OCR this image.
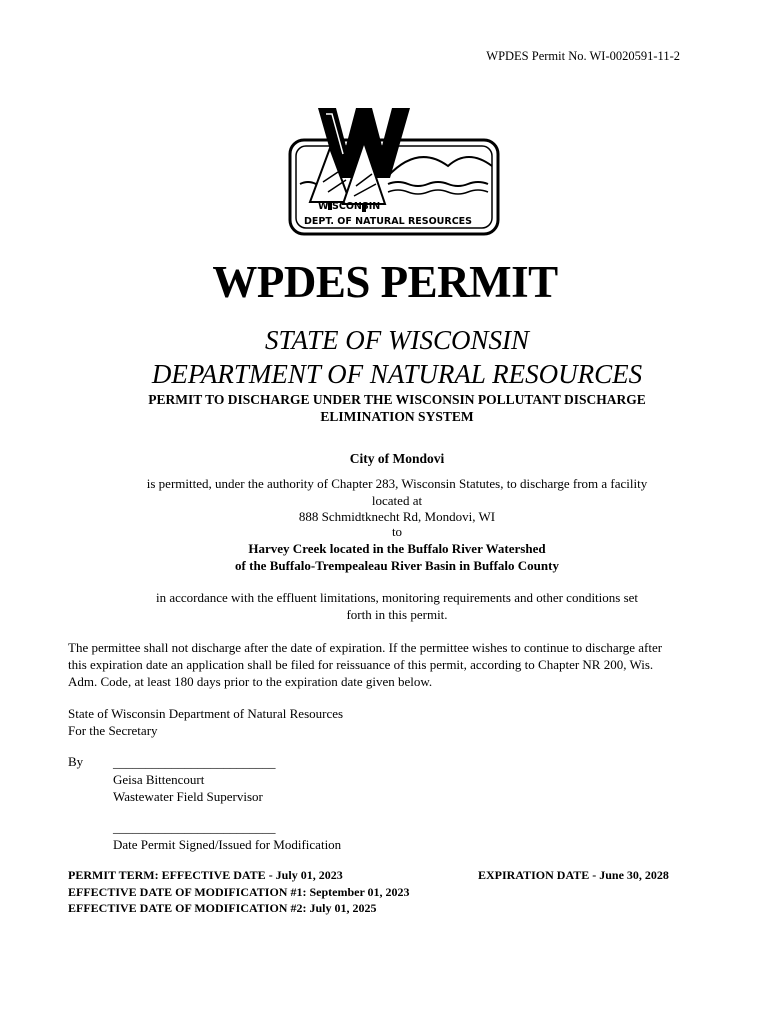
WPDES Permit No. WI-0020591-11-2
WISCONSIN
DEPT. OF NATURAL RESOURCES
WPDES PERMIT
STATE OF WISCONSIN
DEPARTMENT OF NATURAL RESOURCES
PERMIT TO DISCHARGE UNDER THE WISCONSIN POLLUTANT DISCHARGE
ELIMINATION SYSTEM
City of Mondovi
is permitted, under the authority of Chapter 283, Wisconsin Statutes, to discharge from a facility
located at
888 Schmidtknecht Rd, Mondovi, WI
to
Harvey Creek located in the Buffalo River Watershed
of the Buffalo-Trempealeau River Basin in Buffalo County
in accordance with the effluent limitations, monitoring requirements and other conditions set
forth in this permit.
The permittee shall not discharge after the date of expiration. If the permittee wishes to continue to discharge after
this expiration date an application shall be filed for reissuance of this permit, according to Chapter NR 200, Wis.
Adm. Code, at least 180 days prior to the expiration date given below.
State of Wisconsin Department of Natural Resources
For the Secretary
By _________________________
Geisa Bittencourt
Wastewater Field Supervisor
_________________________
Date Permit Signed/Issued for Modification
PERMIT TERM: EFFECTIVE DATE - July 01, 2023
EFFECTIVE DATE OF MODIFICATION #1: September 01, 2023
EFFECTIVE DATE OF MODIFICATION #2: July 01, 2025
EXPIRATION DATE - June 30, 2028
